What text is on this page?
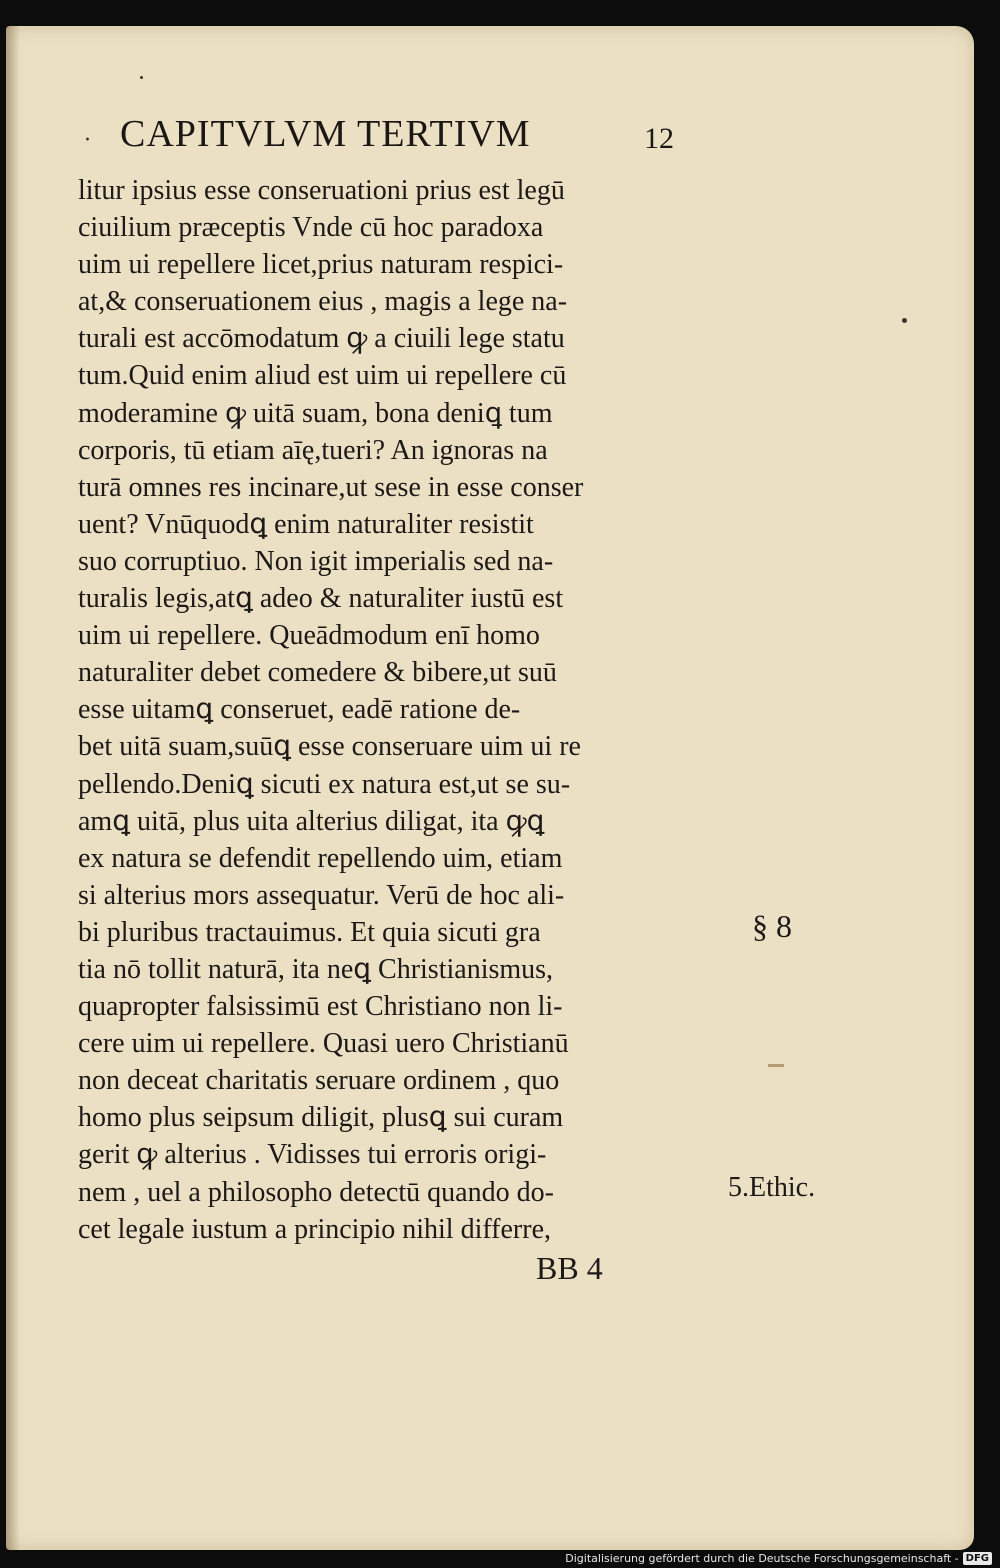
· CAPITVLVM TERTIVM	12
litur ipsius esse conseruationi prius est legū
ciuilium præceptis Vnde cū hoc paradoxa
uim ui repellere licet,prius naturam respici-
at,& conseruationem eius , magis a lege na-
turali est accōmodatum ꝙ a ciuili lege statu
tum.Quid enim aliud est uim ui repellere cū
moderamine ꝙ uitā suam, bona deniꝗ tum
corporis, tū etiam aīę,tueri? An ignoras na
turā omnes res incinare,ut sese in esse conser
uent? Vnūquodꝗ enim naturaliter resistit
suo corruptiuo. Non igit imperialis sed na-
turalis legis,atꝗ adeo & naturaliter iustū est
uim ui repellere. Queādmodum enī homo
naturaliter debet comedere & bibere,ut suū
esse uitamꝗ conseruet, eadē ratione de-
bet uitā suam,suūꝗ esse conseruare uim ui re
pellendo.Deniꝗ sicuti ex natura est,ut se su-
amꝗ uitā, plus uita alterius diligat, ita ꝙꝗ
ex natura se defendit repellendo uim, etiam
si alterius mors assequatur. Verū de hoc ali-
bi pluribus tractauimus. Et quia sicuti gra
tia nō tollit naturā, ita neꝗ Christianismus,
quapropter falsissimū est Christiano non li-
cere uim ui repellere. Quasi uero Christianū
non deceat charitatis seruare ordinem , quo
homo plus seipsum diligit, plusꝗ sui curam
gerit ꝙ alterius . Vidisses tui erroris origi-
nem , uel a philosopho detectū quando do-
cet legale iustum a principio nihil differre,
BB 4
§ 8
5.Ethic.
Digitalisierung gefördert durch die Deutsche Forschungsgemeinschaft - DFG
